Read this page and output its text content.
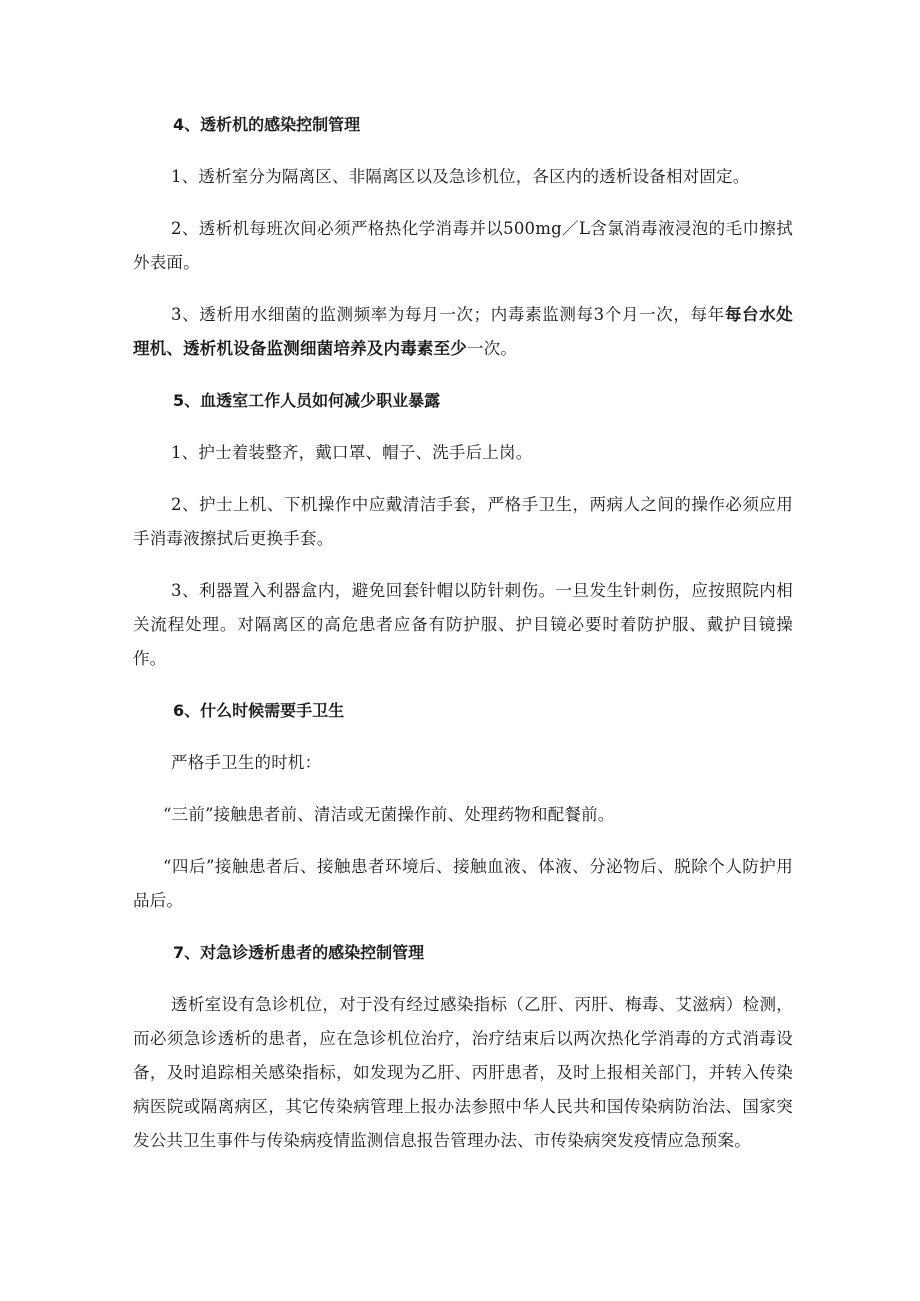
4、透析机的感染控制管理

1、透析室分为隔离区、非隔离区以及急诊机位，各区内的透析设备相对固定。

2、透析机每班次间必须严格热化学消毒并以500mg／L含氯消毒液浸泡的毛巾擦拭外表面。

3、透析用水细菌的监测频率为每月一次；内毒素监测每3个月一次，每年每台水处理机、透析机设备监测细菌培养及内毒素至少一次。

5、血透室工作人员如何减少职业暴露

1、护士着装整齐，戴口罩、帽子、洗手后上岗。

2、护士上机、下机操作中应戴清洁手套，严格手卫生，两病人之间的操作必须应用手消毒液擦拭后更换手套。

3、利器置入利器盒内，避免回套针帽以防针刺伤。一旦发生针刺伤，应按照院内相关流程处理。对隔离区的高危患者应备有防护服、护目镜必要时着防护服、戴护目镜操作。

6、什么时候需要手卫生

严格手卫生的时机：

“三前”接触患者前、清洁或无菌操作前、处理药物和配餐前。

“四后”接触患者后、接触患者环境后、接触血液、体液、分泌物后、脱除个人防护用品后。

7、对急诊透析患者的感染控制管理

透析室设有急诊机位，对于没有经过感染指标（乙肝、丙肝、梅毒、艾滋病）检测，而必须急诊透析的患者，应在急诊机位治疗，治疗结束后以两次热化学消毒的方式消毒设备，及时追踪相关感染指标，如发现为乙肝、丙肝患者，及时上报相关部门，并转入传染病医院或隔离病区，其它传染病管理上报办法参照中华人民共和国传染病防治法、国家突发公共卫生事件与传染病疫情监测信息报告管理办法、市传染病突发疫情应急预案。
